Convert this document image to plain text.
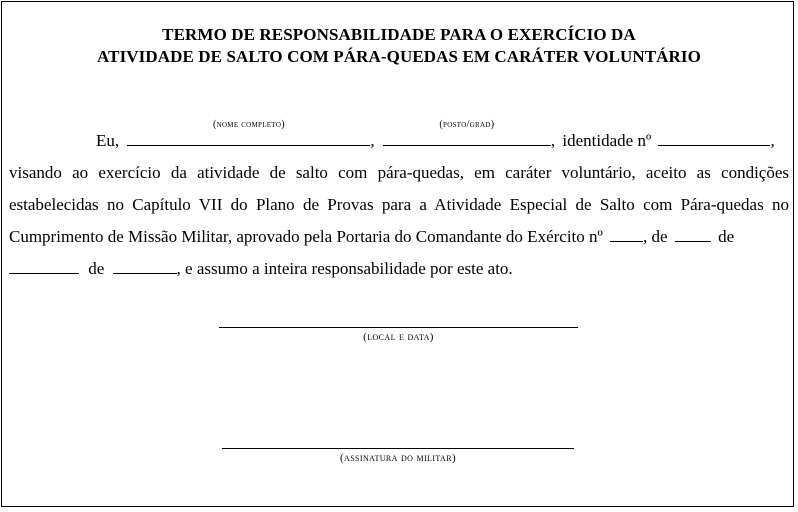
TERMO DE RESPONSABILIDADE PARA O EXERCÍCIO DA
ATIVIDADE DE SALTO COM PÁRA-QUEDAS EM CARÁTER VOLUNTÁRIO
Eu,
(nome completo)
,
(posto/grad)
, identidade nº	,
visando ao exercício da atividade de salto com pára-quedas, em caráter voluntário, aceito as condições
estabelecidas no Capítulo VII do Plano de Provas para a Atividade Especial de Salto com Pára-quedas no
Cumprimento de Missão Militar, aprovado pela Portaria do Comandante do Exército nº , de	de
de	, e assumo a inteira responsabilidade por este ato.
(local e data)
(assinatura do militar)
